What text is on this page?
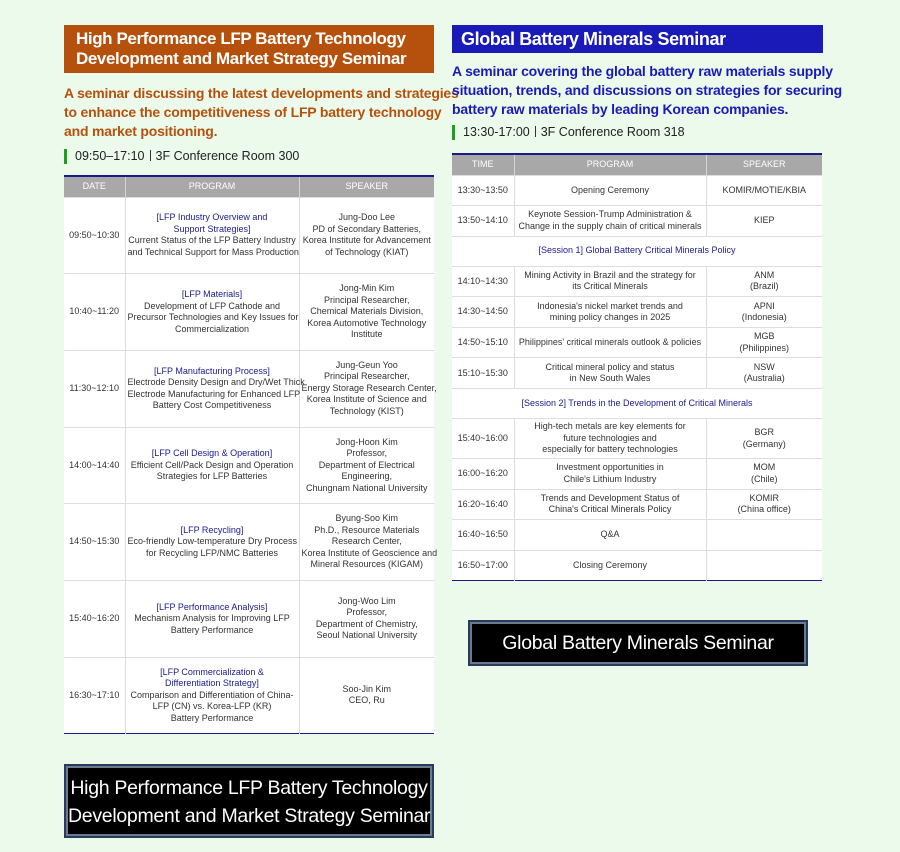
High Performance LFP Battery Technology
Development and Market Strategy Seminar
A seminar discussing the latest developments and strategies
to enhance the competitiveness of LFP battery technology
and market positioning.
09:50–17:10 3F Conference Room 300
DATE	PROGRAM	SPEAKER
09:50~10:30	[LFP Industry Overview and
Support Strategies]
Current Status of the LFP Battery Industry
and Technical Support for Mass Production	Jung-Doo Lee
PD of Secondary Batteries,
Korea Institute for Advancement
of Technology (KIAT)

10:40~11:20	[LFP Materials]
Development of LFP Cathode and
Precursor Technologies and Key Issues for
Commercialization	Jong-Min Kim
Principal Researcher,
Chemical Materials Division,
Korea Automotive Technology
Institute

11:30~12:10	[LFP Manufacturing Process]
Electrode Density Design and Dry/Wet Thick
Electrode Manufacturing for Enhanced LFP
Battery Cost Competitiveness	Jung-Geun Yoo
Principal Researcher,
Energy Storage Research Center,
Korea Institute of Science and
Technology (KIST)

14:00~14:40	[LFP Cell Design & Operation]
Efficient Cell/Pack Design and Operation
Strategies for LFP Batteries	Jong-Hoon Kim
Professor,
Department of Electrical
Engineering,
Chungnam National University

14:50~15:30	[LFP Recycling]
Eco-friendly Low-temperature Dry Process
for Recycling LFP/NMC Batteries	Byung-Soo Kim
Ph.D., Resource Materials
Research Center,
Korea Institute of Geoscience and
Mineral Resources (KIGAM)

15:40~16:20	[LFP Performance Analysis]
Mechanism Analysis for Improving LFP
Battery Performance	Jong-Woo Lim
Professor,
Department of Chemistry,
Seoul National University

16:30~17:10	[LFP Commercialization &
Differentiation Strategy]
Comparison and Differentiation of China-
LFP (CN) vs. Korea-LFP (KR)
Battery Performance	Soo-Jin Kim
CEO, Ru
Global Battery Minerals Seminar
A seminar covering the global battery raw materials supply
situation, trends, and discussions on strategies for securing
battery raw materials by leading Korean companies.
13:30-17:00 3F Conference Room 318
TIME	PROGRAM	SPEAKER
13:30~13:50	Opening Ceremony	KOMIR/MOTIE/KBIA

13:50~14:10	Keynote Session-Trump Administration &
Change in the supply chain of critical minerals	KIEP

[Session 1] Global Battery Critical Minerals Policy		
14:10~14:30	Mining Activity in Brazil and the strategy for
its Critical Minerals	ANM
(Brazil)

14:30~14:50	Indonesia's nickel market trends and
mining policy changes in 2025	APNI
(Indonesia)

14:50~15:10	Philippines' critical minerals outlook & policies	MGB
(Philippines)

15:10~15:30	Critical mineral policy and status
in New South Wales	NSW
(Australia)

[Session 2] Trends in the Development of Critical Minerals		
15:40~16:00	High-tech metals are key elements for
future technologies and
especially for battery technologies	BGR
(Germany)

16:00~16:20	Investment opportunities in
Chile's Lithium Industry	MOM
(Chile)

16:20~16:40	Trends and Development Status of
China's Critical Minerals Policy	KOMIR
(China office)

16:40~16:50	Q&A	

16:50~17:00	Closing Ceremony	

Global Battery Minerals Seminar
High Performance LFP Battery Technology
Development and Market Strategy Seminar
